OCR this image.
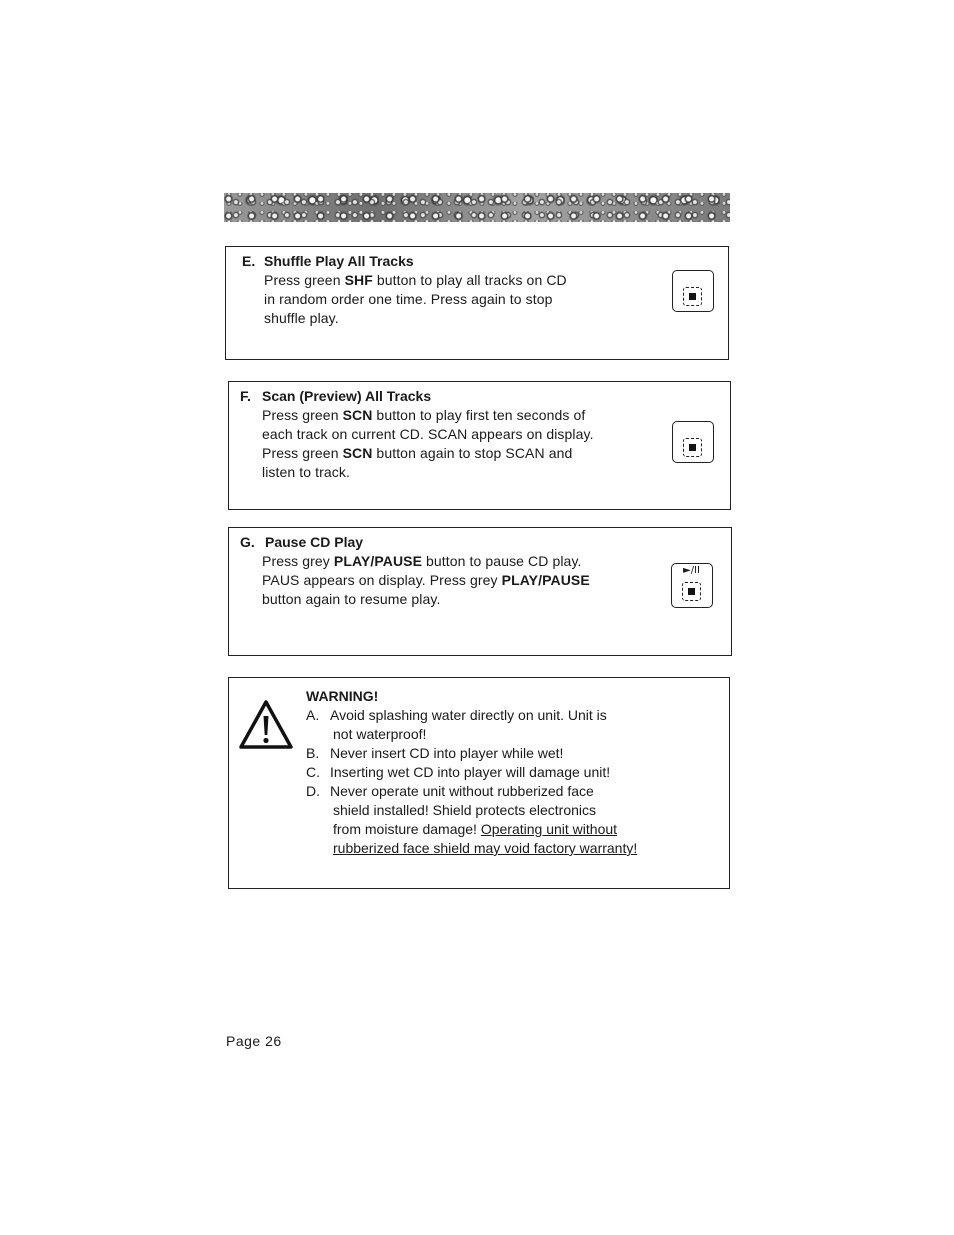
E. Shuffle Play All Tracks
Press green SHF button to play all tracks on CD
in random order one time. Press again to stop
shuffle play.
F. Scan (Preview) All Tracks
Press green SCN button to play first ten seconds of
each track on current CD. SCAN appears on display.
Press green SCN button again to stop SCAN and
listen to track.
G. Pause CD Play
Press grey PLAY/PAUSE button to pause CD play.
PAUS appears on display. Press grey PLAY/PAUSE
button again to resume play.
►/II
WARNING!
A. Avoid splashing water directly on unit. Unit is
not waterproof!
B. Never insert CD into player while wet!
C. Inserting wet CD into player will damage unit!
D. Never operate unit without rubberized face
shield installed! Shield protects electronics
from moisture damage! Operating unit without
rubberized face shield may void factory warranty!
Page 26
